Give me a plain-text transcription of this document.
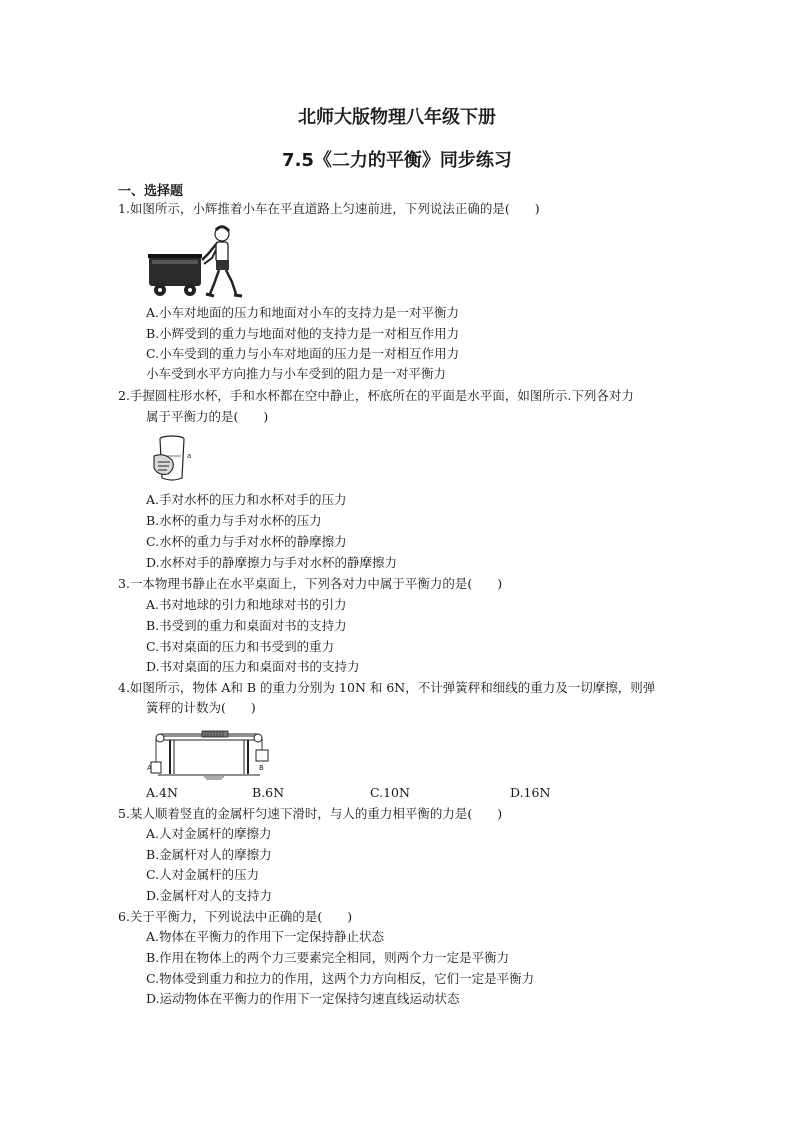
北师大版物理八年级下册
7.5《二力的平衡》同步练习
一、选择题
1.如图所示，小辉推着小车在平直道路上匀速前进，下列说法正确的是(　　)
A.小车对地面的压力和地面对小车的支持力是一对平衡力
B.小辉受到的重力与地面对他的支持力是一对相互作用力
C.小车受到的重力与小车对地面的压力是一对相互作用力
小车受到水平方向推力与小车受到的阻力是一对平衡力
2.手握圆柱形水杯，手和水杯都在空中静止，杯底所在的平面是水平面，如图所示.下列各对力
属于平衡力的是(　　)
a
A.手对水杯的压力和水杯对手的压力
B.水杯的重力与手对水杯的压力
C.水杯的重力与手对水杯的静摩擦力
D.水杯对手的静摩擦力与手对水杯的静摩擦力
3.一本物理书静止在水平桌面上，下列各对力中属于平衡力的是(　　)
A.书对地球的引力和地球对书的引力
B.书受到的重力和桌面对书的支持力
C.书对桌面的压力和书受到的重力
D.书对桌面的压力和桌面对书的支持力
4.如图所示，物体 A和 B 的重力分别为 10N 和 6N，不计弹簧秤和细线的重力及一切摩擦，则弹
簧秤的计数为(　　)
A	B
A.4N	B.6N	C.10N	D.16N
5.某人顺着竖直的金属杆匀速下滑时，与人的重力相平衡的力是(　　)
A.人对金属杆的摩擦力
B.金属杆对人的摩擦力
C.人对金属杆的压力
D.金属杆对人的支持力
6.关于平衡力，下列说法中正确的是(　　)
A.物体在平衡力的作用下一定保持静止状态
B.作用在物体上的两个力三要素完全相同，则两个力一定是平衡力
C.物体受到重力和拉力的作用，这两个力方向相反，它们一定是平衡力
D.运动物体在平衡力的作用下一定保持匀速直线运动状态
